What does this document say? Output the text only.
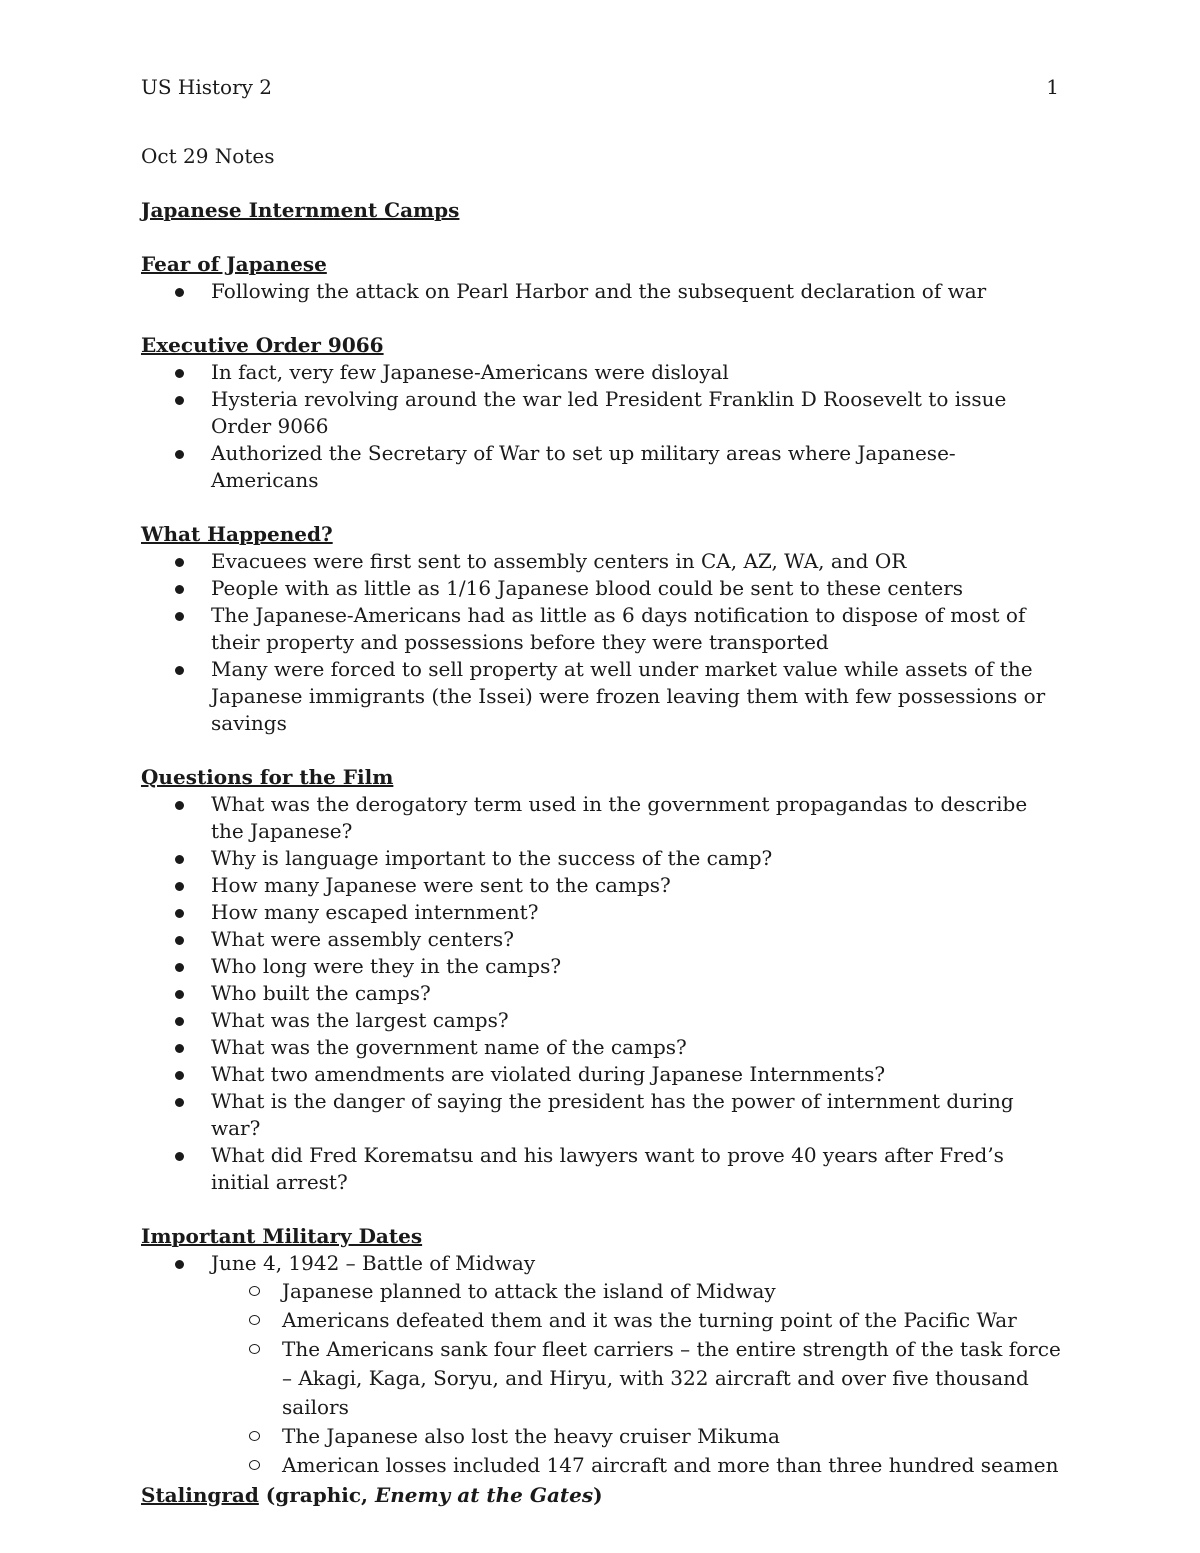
US History 2	1

Oct 29 Notes

Japanese Internment Camps

Fear of Japanese

Following the attack on Pearl Harbor and the subsequent declaration of war

Executive Order 9066

In fact, very few Japanese-Americans were disloyal
Hysteria revolving around the war led President Franklin D Roosevelt to issue Order 9066
Authorized the Secretary of War to set up military areas where Japanese-Americans

What Happened?

Evacuees were first sent to assembly centers in CA, AZ, WA, and OR
People with as little as 1/16 Japanese blood could be sent to these centers
The Japanese-Americans had as little as 6 days notification to dispose of most of their property and possessions before they were transported
Many were forced to sell property at well under market value while assets of the Japanese immigrants (the Issei) were frozen leaving them with few possessions or savings

Questions for the Film

What was the derogatory term used in the government propagandas to describe the Japanese?
Why is language important to the success of the camp?
How many Japanese were sent to the camps?
How many escaped internment?
What were assembly centers?
Who long were they in the camps?
Who built the camps?
What was the largest camps?
What was the government name of the camps?
What two amendments are violated during Japanese Internments?
What is the danger of saying the president has the power of internment during war?
What did Fred Korematsu and his lawyers want to prove 40 years after Fred’s initial arrest?

Important Military Dates

June 4, 1942 – Battle of Midway
Japanese planned to attack the island of Midway
Americans defeated them and it was the turning point of the Pacific War
The Americans sank four fleet carriers – the entire strength of the task force – Akagi, Kaga, Soryu, and Hiryu, with 322 aircraft and over five thousand sailors
The Japanese also lost the heavy cruiser Mikuma
American losses included 147 aircraft and more than three hundred seamen

Stalingrad (graphic, Enemy at the Gates)
